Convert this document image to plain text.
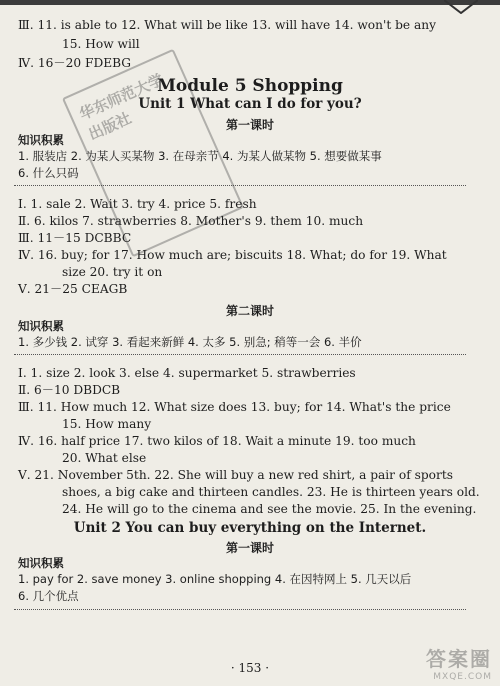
Ⅲ. 11. is able to 12. What will be like 13. will have 14. won't be any
15. How will
Ⅳ. 16－20 FDEBG
Module 5 Shopping
Unit 1 What can I do for you?
第一课时
知识积累
1. 服装店 2. 为某人买某物 3. 在母亲节 4. 为某人做某物 5. 想要做某事
6. 什么只码
Ⅰ. 1. sale 2. Wait 3. try 4. price 5. fresh
Ⅱ. 6. kilos 7. strawberries 8. Mother's 9. them 10. much
Ⅲ. 11－15 DCBBC
Ⅳ. 16. buy; for 17. How much are; biscuits 18. What; do for 19. What
size 20. try it on
Ⅴ. 21－25 CEAGB
第二课时
知识积累
1. 多少钱 2. 试穿 3. 看起来新鲜 4. 太多 5. 别急; 稍等一会 6. 半价
Ⅰ. 1. size 2. look 3. else 4. supermarket 5. strawberries
Ⅱ. 6－10 DBDCB
Ⅲ. 11. How much 12. What size does 13. buy; for 14. What's the price
15. How many
Ⅳ. 16. half price 17. two kilos of 18. Wait a minute 19. too much
20. What else
Ⅴ. 21. November 5th. 22. She will buy a new red shirt, a pair of sports
shoes, a big cake and thirteen candles. 23. He is thirteen years old.
24. He will go to the cinema and see the movie. 25. In the evening.
Unit 2 You can buy everything on the Internet.
第一课时
知识积累
1. pay for 2. save money 3. online shopping 4. 在因特网上 5. 几天以后
6. 几个优点
· 153 ·
华东师范大学出版社
答案圈
MXQE.COM
